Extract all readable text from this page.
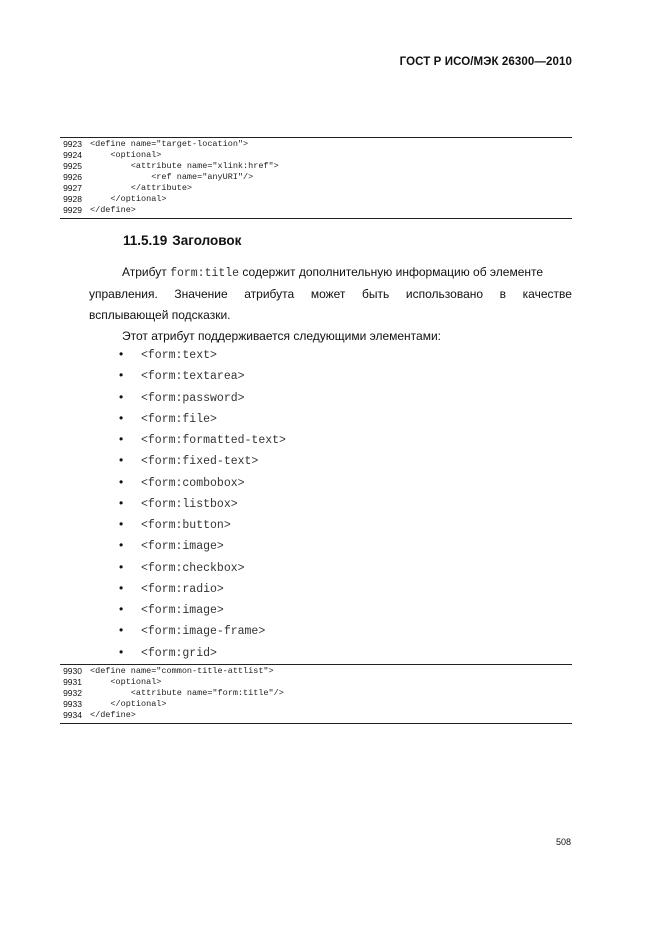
ГОСТ Р ИСО/МЭК 26300—2010
9923 <define name="target-location">
9924 <optional>
9925 <attribute name="xlink:href">
9926 <ref name="anyURI"/>
9927 </attribute>
9928 </optional>
9929 </define>
11.5.19 Заголовок
Атрибут form:title содержит дополнительную информацию об элементе
управления. Значение атрибута может быть использовано в качестве
всплывающей подсказки.
Этот атрибут поддерживается следующими элементами:
• <form:text>
• <form:textarea>
• <form:password>
• <form:file>
• <form:formatted-text>
• <form:fixed-text>
• <form:combobox>
• <form:listbox>
• <form:button>
• <form:image>
• <form:checkbox>
• <form:radio>
• <form:image>
• <form:image-frame>
• <form:grid>
9930 <define name="common-title-attlist">
9931 <optional>
9932 <attribute name="form:title"/>
9933 </optional>
9934 </define>
508
